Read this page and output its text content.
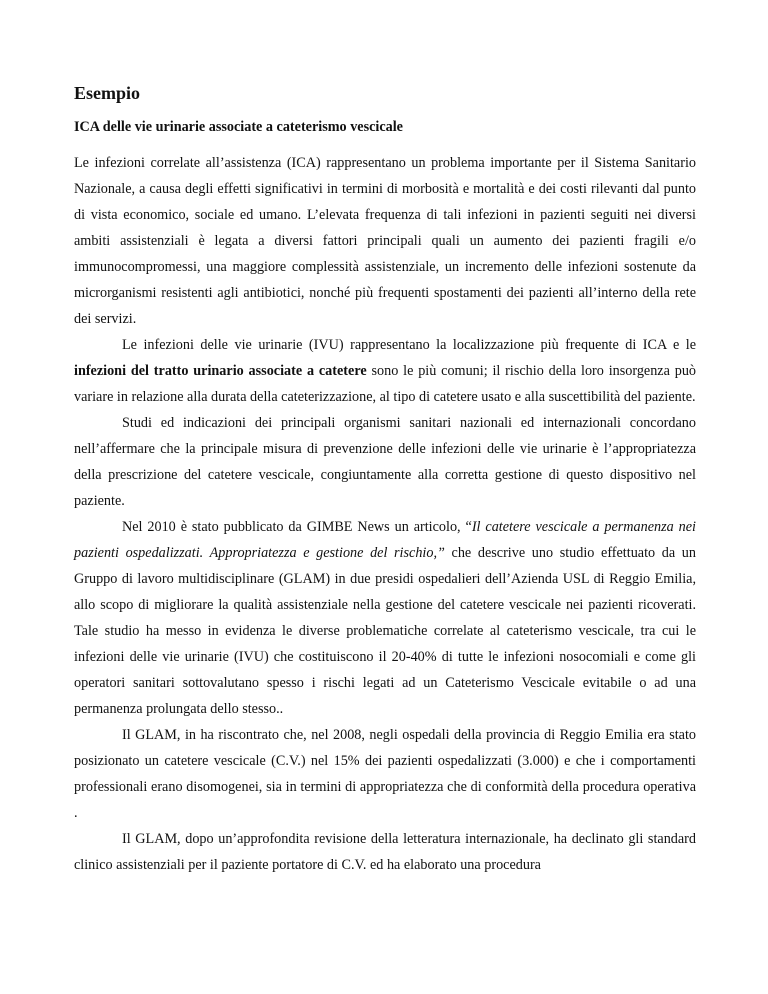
Esempio
ICA delle vie urinarie associate a cateterismo vescicale

Le infezioni correlate all’assistenza (ICA) rappresentano un problema importante per il Sistema Sanitario Nazionale, a causa degli effetti significativi in termini di morbosità e mortalità e dei costi rilevanti dal punto di vista economico, sociale ed umano. L’elevata frequenza di tali infezioni in pazienti seguiti nei diversi ambiti assistenziali è legata a diversi fattori principali quali un aumento dei pazienti fragili e/o immunocompromessi, una maggiore complessità assistenziale, un incremento delle infezioni sostenute da microrganismi resistenti agli antibiotici, nonché più frequenti spostamenti dei pazienti all’interno della rete dei servizi.

Le infezioni delle vie urinarie (IVU) rappresentano la localizzazione più frequente di ICA e le infezioni del tratto urinario associate a catetere sono le più comuni; il rischio della loro insorgenza può variare in relazione alla durata della cateterizzazione, al tipo di catetere usato e alla suscettibilità del paziente.

Studi ed indicazioni dei principali organismi sanitari nazionali ed internazionali concordano nell’affermare che la principale misura di prevenzione delle infezioni delle vie urinarie è l’appropriatezza della prescrizione del catetere vescicale, congiuntamente alla corretta gestione di questo dispositivo nel paziente.

Nel 2010 è stato pubblicato da GIMBE News un articolo, “Il catetere vescicale a permanenza nei pazienti ospedalizzati. Appropriatezza e gestione del rischio,” che descrive uno studio effettuato da un Gruppo di lavoro multidisciplinare (GLAM) in due presidi ospedalieri dell’Azienda USL di Reggio Emilia, allo scopo di migliorare la qualità assistenziale nella gestione del catetere vescicale nei pazienti ricoverati. Tale studio ha messo in evidenza le diverse problematiche correlate al cateterismo vescicale, tra cui le infezioni delle vie urinarie (IVU) che costituiscono il 20-40% di tutte le infezioni nosocomiali e come gli operatori sanitari sottovalutano spesso i rischi legati ad un Cateterismo Vescicale evitabile o ad una permanenza prolungata dello stesso..

Il GLAM, in ha riscontrato che, nel 2008, negli ospedali della provincia di Reggio Emilia era stato posizionato un catetere vescicale (C.V.) nel 15% dei pazienti ospedalizzati (3.000) e che i comportamenti professionali erano disomogenei, sia in termini di appropriatezza che di conformità della procedura operativa .

Il GLAM, dopo un’approfondita revisione della letteratura internazionale, ha declinato gli standard clinico assistenziali per il paziente portatore di C.V. ed ha elaborato una procedura
